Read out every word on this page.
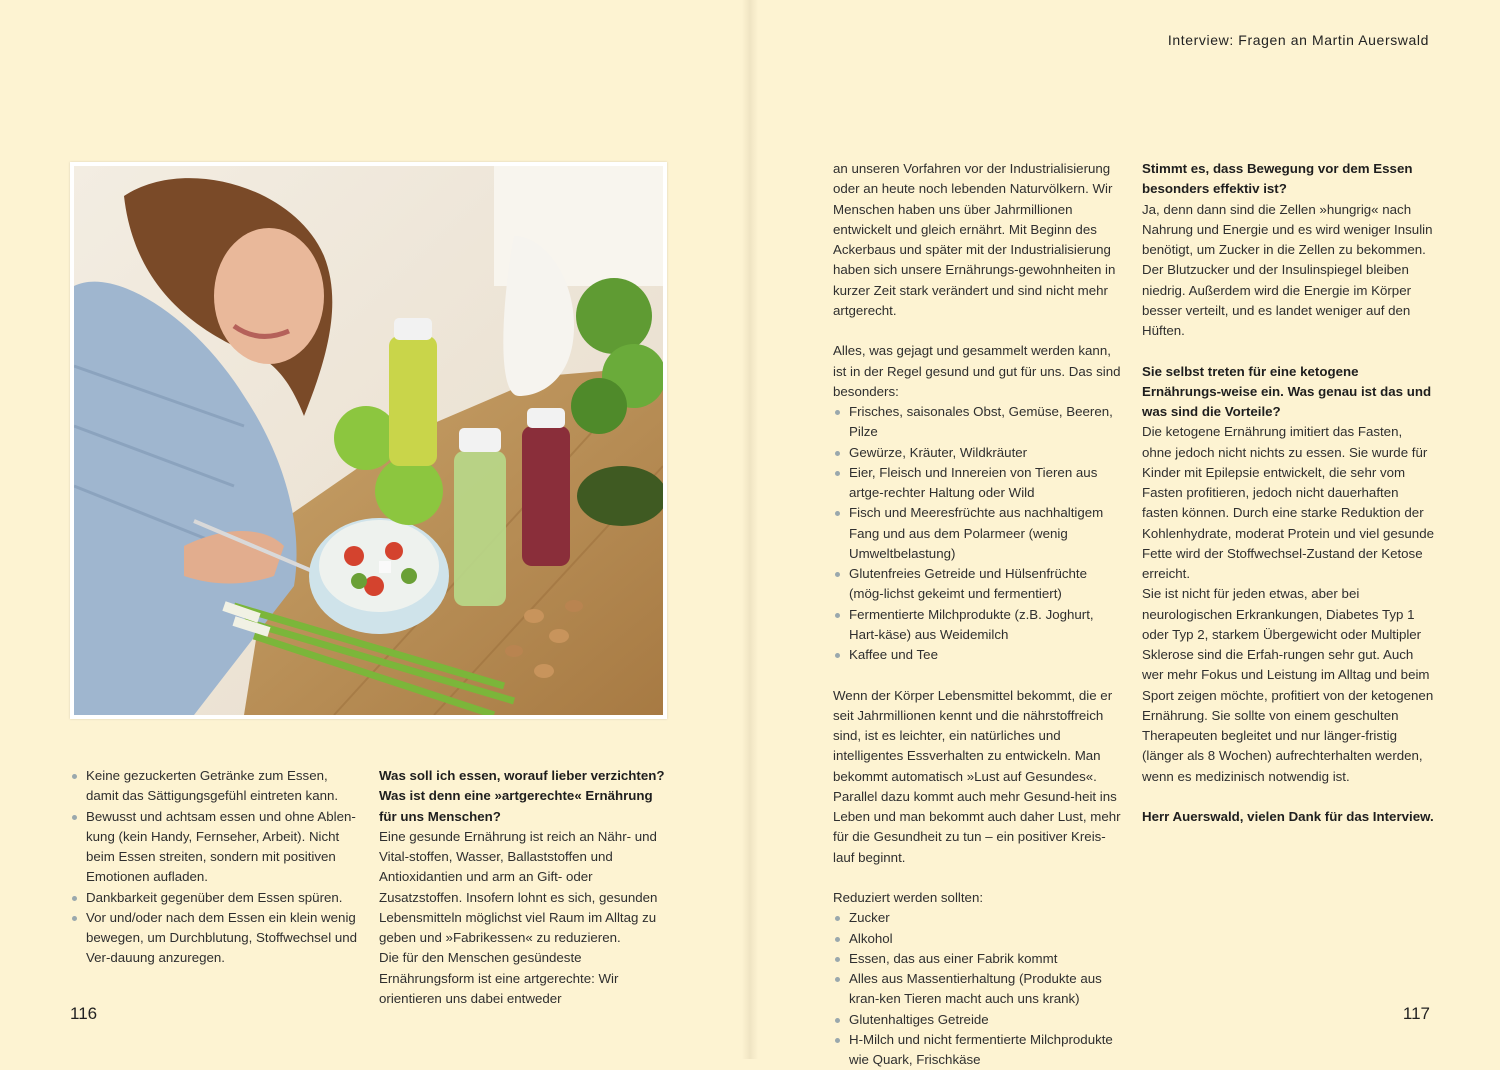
Interview: Fragen an Martin Auerswald
Keine gezuckerten Getränke zum Essen, damit das Sättigungsgefühl eintreten kann.
Bewusst und achtsam essen und ohne Ablen-kung (kein Handy, Fernseher, Arbeit). Nicht beim Essen streiten, sondern mit positiven Emotionen aufladen.
Dankbarkeit gegenüber dem Essen spüren.
Vor und/oder nach dem Essen ein klein wenig bewegen, um Durchblutung, Stoffwechsel und Ver-dauung anzuregen.

Was soll ich essen, worauf lieber verzichten?

Was ist denn eine »artgerechte« Ernährung für uns Menschen?

Eine gesunde Ernährung ist reich an Nähr- und Vital-stoffen, Wasser, Ballaststoffen und Antioxidantien und arm an Gift- oder Zusatzstoffen. Insofern lohnt es sich, gesunden Lebensmitteln möglichst viel Raum im Alltag zu geben und »Fabrikessen« zu reduzieren.

Die für den Menschen gesündeste Ernährungsform ist eine artgerechte: Wir orientieren uns dabei entweder

an unseren Vorfahren vor der Industrialisierung oder an heute noch lebenden Naturvölkern. Wir Menschen haben uns über Jahrmillionen entwickelt und gleich ernährt. Mit Beginn des Ackerbaus und später mit der Industrialisierung haben sich unsere Ernährungs-gewohnheiten in kurzer Zeit stark verändert und sind nicht mehr artgerecht.

Alles, was gejagt und gesammelt werden kann, ist in der Regel gesund und gut für uns. Das sind besonders:

Frisches, saisonales Obst, Gemüse, Beeren, Pilze
Gewürze, Kräuter, Wildkräuter
Eier, Fleisch und Innereien von Tieren aus artge-rechter Haltung oder Wild
Fisch und Meeresfrüchte aus nachhaltigem Fang und aus dem Polarmeer (wenig Umweltbelastung)
Glutenfreies Getreide und Hülsenfrüchte (mög-lichst gekeimt und fermentiert)
Fermentierte Milchprodukte (z.B. Joghurt, Hart-käse) aus Weidemilch
Kaffee und Tee

Wenn der Körper Lebensmittel bekommt, die er seit Jahrmillionen kennt und die nährstoffreich sind, ist es leichter, ein natürliches und intelligentes Essverhalten zu entwickeln. Man bekommt automatisch »Lust auf Gesundes«. Parallel dazu kommt auch mehr Gesund-heit ins Leben und man bekommt auch daher Lust, mehr für die Gesundheit zu tun – ein positiver Kreis-lauf beginnt.

Reduziert werden sollten:

Zucker
Alkohol
Essen, das aus einer Fabrik kommt
Alles aus Massentierhaltung (Produkte aus kran-ken Tieren macht auch uns krank)
Glutenhaltiges Getreide
H-Milch und nicht fermentierte Milchprodukte wie Quark, Frischkäse

Stimmt es, dass Bewegung vor dem Essen besonders effektiv ist?

Ja, denn dann sind die Zellen »hungrig« nach Nahrung und Energie und es wird weniger Insulin benötigt, um Zucker in die Zellen zu bekommen. Der Blutzucker und der Insulinspiegel bleiben niedrig. Außerdem wird die Energie im Körper besser verteilt, und es landet weniger auf den Hüften.

Sie selbst treten für eine ketogene Ernährungs-weise ein. Was genau ist das und was sind die Vorteile?

Die ketogene Ernährung imitiert das Fasten, ohne jedoch nicht nichts zu essen. Sie wurde für Kinder mit Epilepsie entwickelt, die sehr vom Fasten profitieren, jedoch nicht dauerhaften fasten können. Durch eine starke Reduktion der Kohlenhydrate, moderat Protein und viel gesunde Fette wird der Stoffwechsel-Zustand der Ketose erreicht.

Sie ist nicht für jeden etwas, aber bei neurologischen Erkrankungen, Diabetes Typ 1 oder Typ 2, starkem Übergewicht oder Multipler Sklerose sind die Erfah-rungen sehr gut. Auch wer mehr Fokus und Leistung im Alltag und beim Sport zeigen möchte, profitiert von der ketogenen Ernährung. Sie sollte von einem geschulten Therapeuten begleitet und nur länger-fristig (länger als 8 Wochen) aufrechterhalten werden, wenn es medizinisch notwendig ist.

Herr Auerswald, vielen Dank für das Interview.

116	117
